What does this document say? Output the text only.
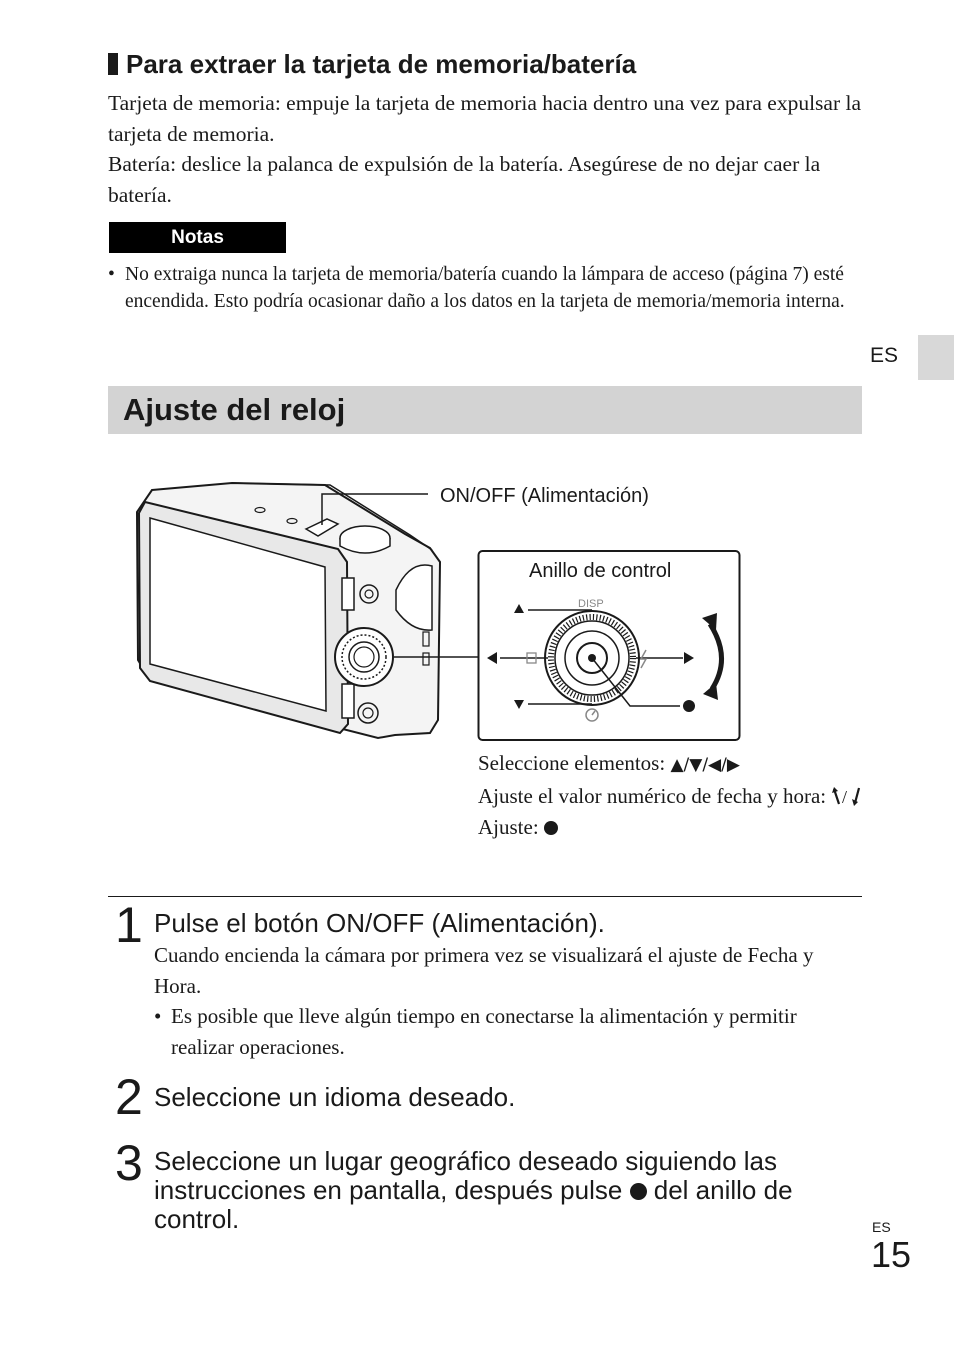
Para extraer la tarjeta de memoria/batería
Tarjeta de memoria: empuje la tarjeta de memoria hacia dentro una vez para expulsar la tarjeta de memoria.
Batería: deslice la palanca de expulsión de la batería. Asegúrese de no dejar caer la batería.
Notas
• No extraiga nunca la tarjeta de memoria/batería cuando la lámpara de acceso (página 7) esté encendida. Esto podría ocasionar daño a los datos en la tarjeta de memoria/memoria interna.
ES
Ajuste del reloj
DISP
ON/OFF (Alimentación)
Anillo de control
Seleccione elementos: ▲/▼/◀/▶
Ajuste el valor numérico de fecha y hora: /
Ajuste:
1 Pulse el botón ON/OFF (Alimentación).
Cuando encienda la cámara por primera vez se visualizará el ajuste de Fecha y Hora.
• Es posible que lleve algún tiempo en conectarse la alimentación y permitir realizar operaciones.
2 Seleccione un idioma deseado.
3 Seleccione un lugar geográfico deseado siguiendo las instrucciones en pantalla, después pulse  del anillo de control.	ES
15
